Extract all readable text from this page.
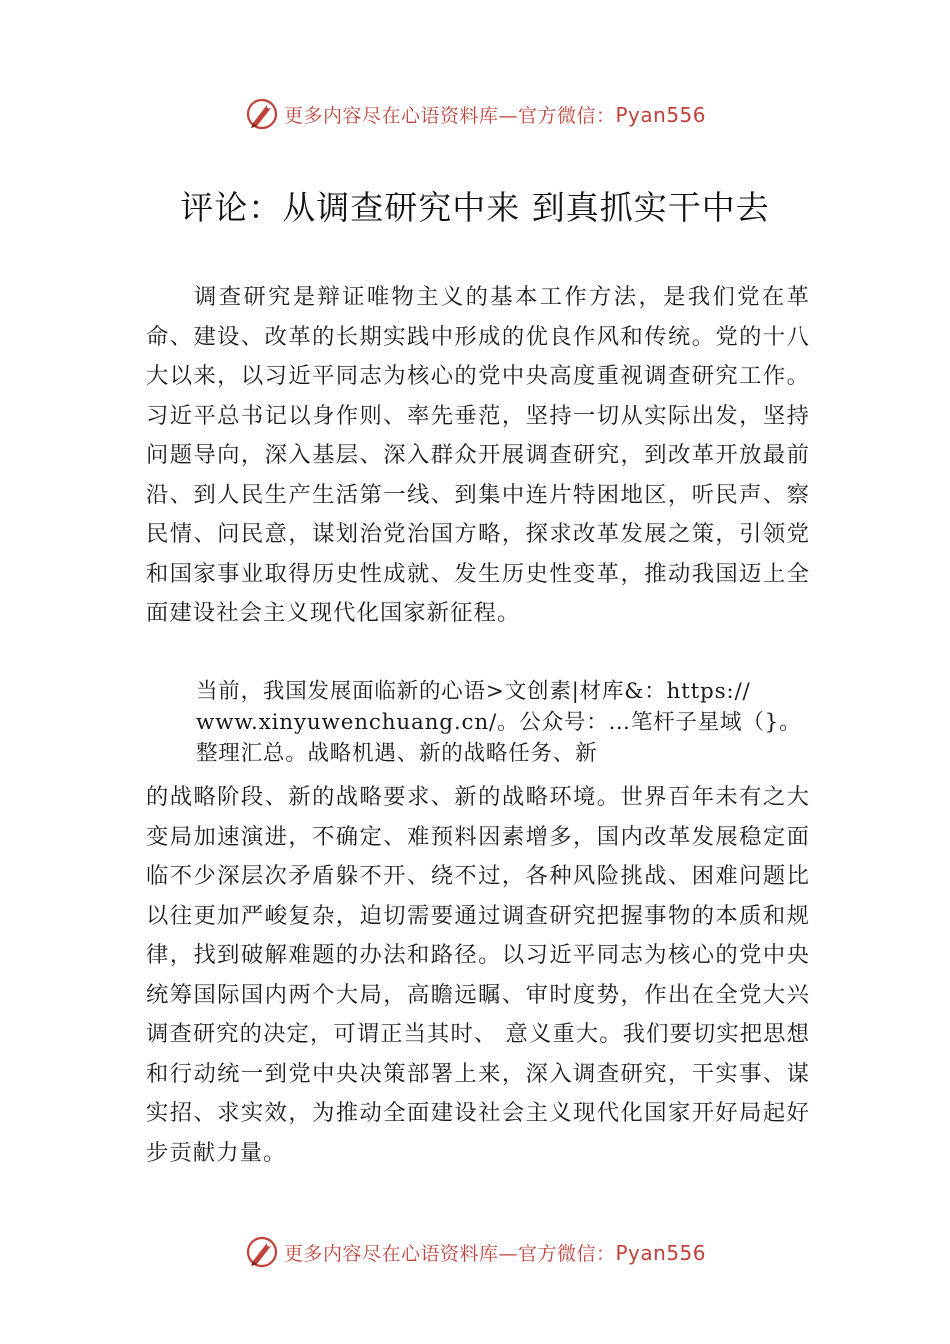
更多内容尽在心语资料库—官方微信：Pyan556
评论：从调查研究中来 到真抓实干中去

调查研究是辩证唯物主义的基本工作方法，是我们党在革命、建设、改革的长期实践中形成的优良作风和传统。党的十八大以来，以习近平同志为核心的党中央高度重视调查研究工作。习近平总书记以身作则、率先垂范，坚持一切从实际出发，坚持问题导向，深入基层、深入群众开展调查研究，到改革开放最前沿、到人民生产生活第一线、到集中连片特困地区，听民声、察民情、问民意，谋划治党治国方略，探求改革发展之策，引领党和国家事业取得历史性成就、发生历史性变革，推动我国迈上全面建设社会主义现代化国家新征程。

当前，我国发展面临新的心语>文创素|材库&：https://
www.xinyuwenchuang.cn/。公众号：…笔杆子星域（}。
整理汇总。战略机遇、新的战略任务、新

的战略阶段、新的战略要求、新的战略环境。世界百年未有之大变局加速演进，不确定、难预料因素增多，国内改革发展稳定面临不少深层次矛盾躲不开、绕不过，各种风险挑战、困难问题比以往更加严峻复杂，迫切需要通过调查研究把握事物的本质和规律，找到破解难题的办法和路径。以习近平同志为核心的党中央统筹国际国内两个大局，高瞻远瞩、审时度势，作出在全党大兴调查研究的决定，可谓正当其时、 意义重大。我们要切实把思想和行动统一到党中央决策部署上来，深入调查研究，干实事、谋实招、求实效，为推动全面建设社会主义现代化国家开好局起好步贡献力量。

更多内容尽在心语资料库—官方微信：Pyan556
